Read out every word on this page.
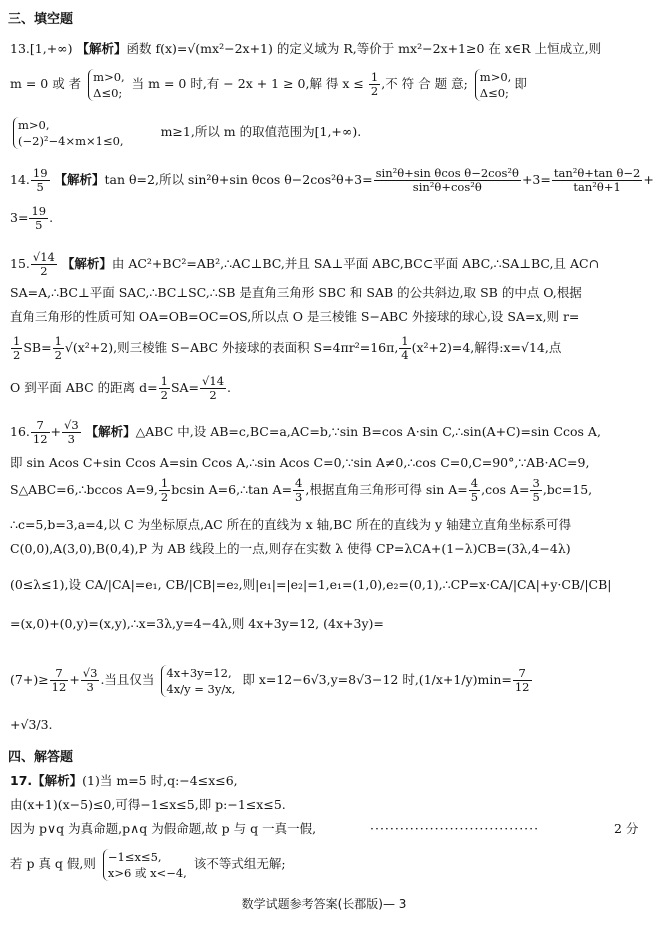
三、填空题
13.[1,+∞) 【解析】函数 f(x)=√(mx²−2x+1) 的定义域为 R,等价于 mx²−2x+1≥0 在 x∈R 上恒成立,则
m = 0 或 者 m>0,
Δ≤0;
当 m = 0 时,有 − 2x + 1 ≥ 0,解 得 $x \le \frac{1}{2}$ ,不 符 合 题 意; m>0,
Δ≤0;
即
m>0,
(−2)²−4×m×1≤0,
m≥1,所以 m 的取值范围为[1,+∞).
14. $\frac{19}{5}$ 【解析】tan θ=2,所以 sin²θ+sin θcos $\theta-2\cos^2\theta+3= \frac{\text{sin²θ+sin θcos θ−2cos²θ}}{\text{sin²θ+cos²θ}} +3= \frac{\text{tan²θ+tan θ−2}}{\text{tan²θ+1}}$ +
$3= \frac{19}{5}$ .
15. $\frac{√14}{2}$ 【解析】由 AC²+BC²=AB²,∴AC⊥BC,并且 SA⊥平面 ABC,BC⊂平面 ABC,∴SA⊥BC,且 AC∩
SA=A,∴BC⊥平面 SAC,∴BC⊥SC,∴SB 是直角三角形 SBC 和 SAB 的公共斜边,取 SB 的中点 O,根据
直角三角形的性质可知 OA=OB=OC=OS,所以点 O 是三棱锥 S−ABC 外接球的球心,设 SA=x,则 r=
$\frac{1}{2} SB= \frac{1}{2} √(x^2+2)$,则三棱锥 S−ABC 外接球的表面积 S=4πr²=16π, $\frac{1}{4} (x^2+2)=4$,解得:x=√14,点
O 到平面 ABC 的距离 $d= \frac{1}{2} SA= \frac{√14}{2}$ .
16. $\frac{7}{12} + \frac{√3}{3}$ 【解析】△ABC 中,设 AB=c,BC=a,AC=b,∵sin B=cos A·sin C,∴sin(A+C)=sin Ccos A,
即 sin Acos C+sin Ccos A=sin Ccos A,∴sin Acos C=0,∵sin A≠0,∴cos C=0,C=90°,∵AB·AC=9,
S△ABC=6,∴bccos A=9, $\frac{1}{2}$ bcsin A=6,∴tan $A= \frac{4}{3}$ ,根据直角三角形可得 $\sin A= \frac{4}{5} ,\cos$ $A= \frac{3}{5} ,bc=15$,
∴c=5,b=3,a=4,以 C 为坐标原点,AC 所在的直线为 x 轴,BC 所在的直线为 y 轴建立直角坐标系可得
C(0,0),A(3,0),B(0,4),P 为 AB 线段上的一点,则存在实数 λ 使得 CP=λCA+(1−λ)CB=(3λ,4−4λ)
(0≤λ≤1),设 CA/|CA|=e₁, CB/|CB|=e₂,则|e₁|=|e₂|=1,e₁=(1,0),e₂=(0,1),∴CP=x·CA/|CA|+y·CB/|CB|
=(x,0)+(0,y)=(x,y),∴x=3λ,y=4−4λ,则 4x+3y=12, (4x+3y)=
$(7+)\ge \frac{7}{12} + \frac{√3}{3}$ .当且仅当 4x+3y=12,
4x/y = 3y/x,
即 x=12−6√3,y=8√3−12 时$,(1/x+1/y)\min= \frac{7}{12}$
+√3/3.
四、解答题
17.【解析】(1)当 m=5 时,q:−4≤x≤6,
由(x+1)(x−5)≤0,可得−1≤x≤5,即 p:−1≤x≤5.
因为 p∨q 为真命题,p∧q 为假命题,故 p 与 q 一真一假,	··································	2 分
若 p 真 q 假,则 −1≤x≤5,
x>6 或 x<−4,
该不等式组无解;
数学试题参考答案(长郡版)— 3
